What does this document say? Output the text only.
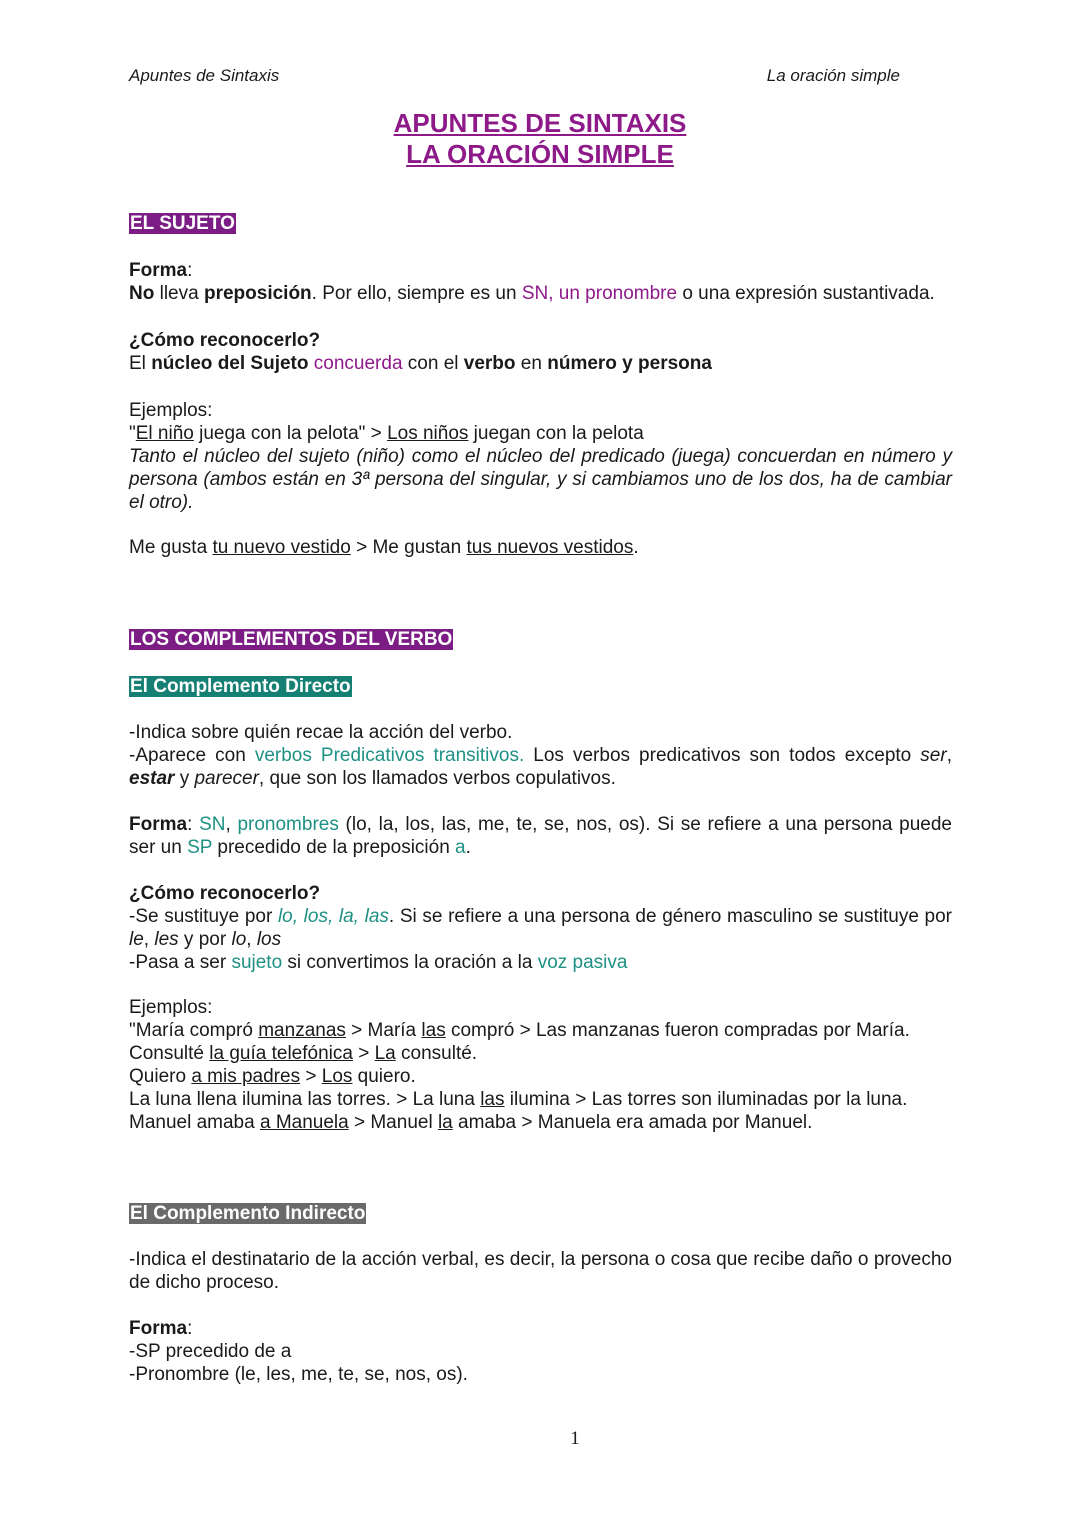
Apuntes de Sintaxis	La oración simple
APUNTES DE SINTAXIS
LA ORACIÓN SIMPLE
EL SUJETO
Forma:
No lleva preposición. Por ello, siempre es un SN, un pronombre o una expresión sustantivada.
¿Cómo reconocerlo?
El núcleo del Sujeto concuerda con el verbo en número y persona
Ejemplos:
"El niño juega con la pelota" > Los niños juegan con la pelota
Tanto el núcleo del sujeto (niño) como el núcleo del predicado (juega) concuerdan en número y persona (ambos están en 3ª persona del singular, y si cambiamos uno de los dos, ha de cambiar el otro).
Me gusta tu nuevo vestido > Me gustan tus nuevos vestidos.
LOS COMPLEMENTOS DEL VERBO
El Complemento Directo
-Indica sobre quién recae la acción del verbo.
-Aparece con verbos Predicativos transitivos. Los verbos predicativos son todos excepto ser, estar y parecer, que son los llamados verbos copulativos.
Forma: SN, pronombres (lo, la, los, las, me, te, se, nos, os). Si se refiere a una persona puede ser un SP precedido de la preposición a.
¿Cómo reconocerlo?
-Se sustituye por lo, los, la, las. Si se refiere a una persona de género masculino se sustituye por le, les y por lo, los
-Pasa a ser sujeto si convertimos la oración a la voz pasiva
Ejemplos:
"María compró manzanas > María las compró > Las manzanas fueron compradas por María.
Consulté la guía telefónica > La consulté.
Quiero a mis padres > Los quiero.
La luna llena ilumina las torres. > La luna las ilumina > Las torres son iluminadas por la luna.
Manuel amaba a Manuela > Manuel la amaba > Manuela era amada por Manuel.
El Complemento Indirecto
-Indica el destinatario de la acción verbal, es decir, la persona o cosa que recibe daño o provecho de dicho proceso.
Forma:
-SP precedido de a
-Pronombre (le, les, me, te, se, nos, os).
1
